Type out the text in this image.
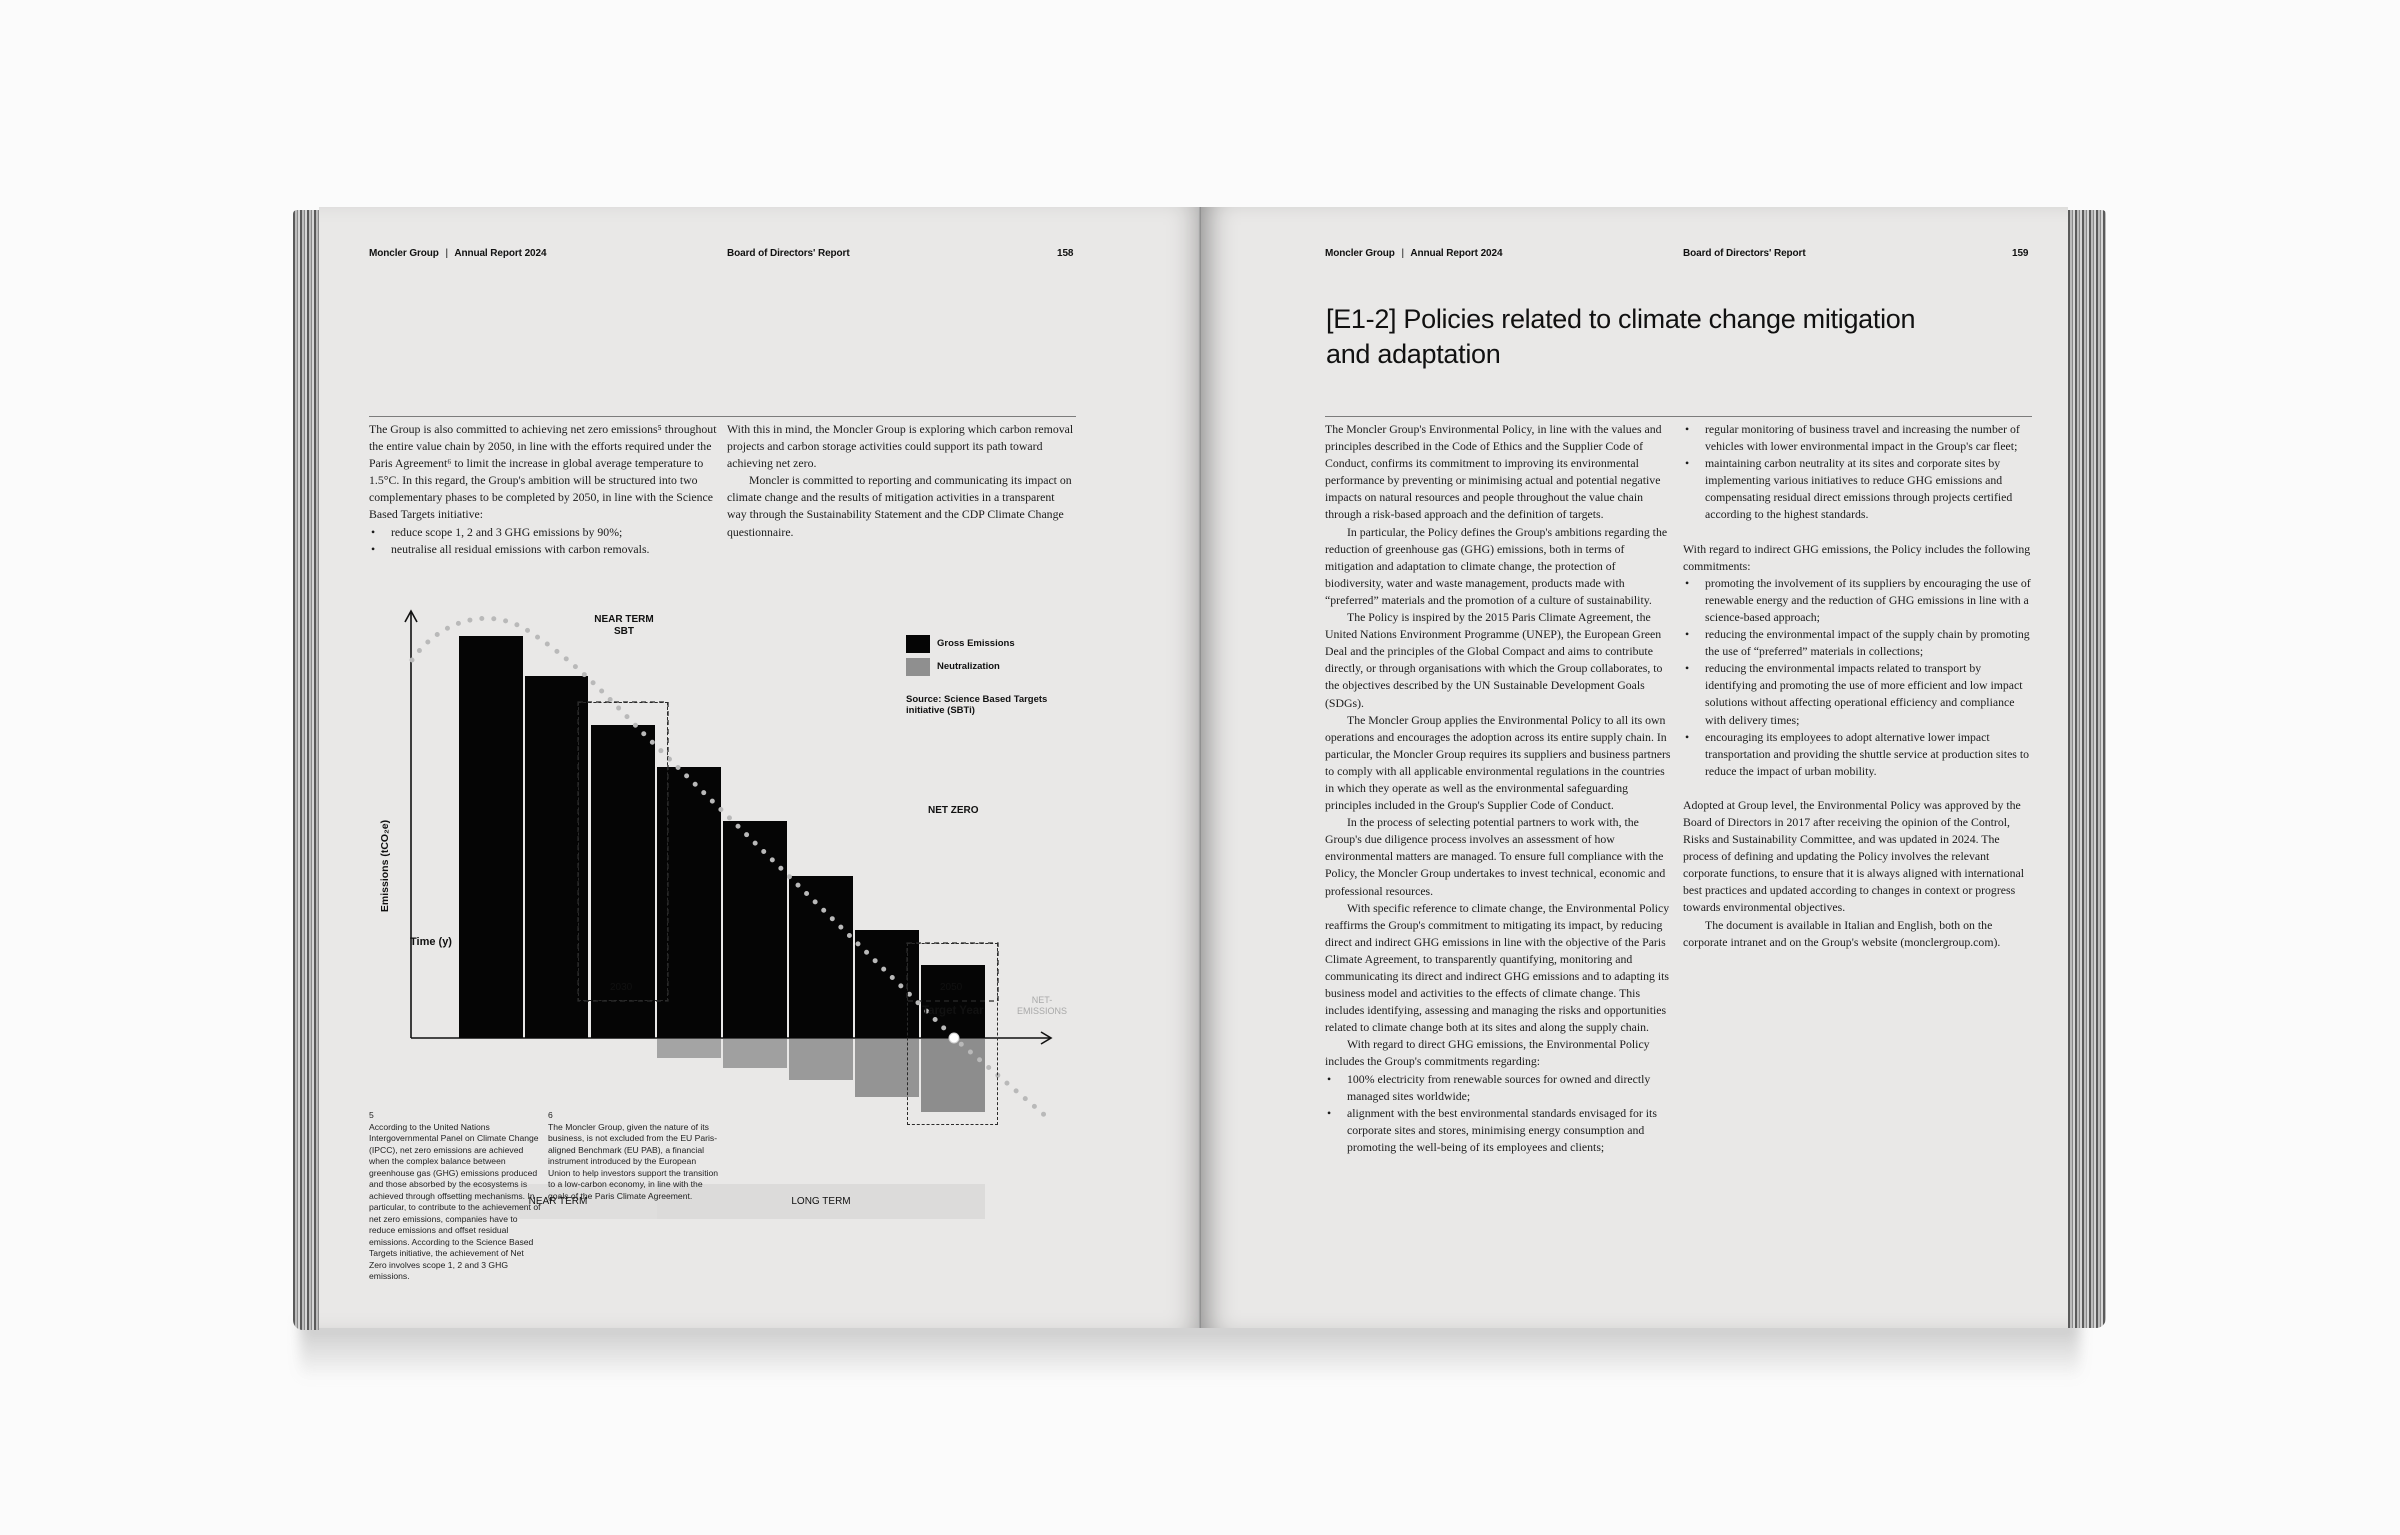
Moncler Group | Annual Report 2024	Board of Directors' Report	158

The Group is also committed to achieving net zero emissions⁵ throughout the entire value chain by 2050, in line with the efforts required under the Paris Agreement⁶ to limit the increase in global average temperature to 1.5°C. In this regard, the Group's ambition will be structured into two complementary phases to be completed by 2050, in line with the Science Based Targets initiative:

• reduce scope 1, 2 and 3 GHG emissions by 90%;
• neutralise all residual emissions with carbon removals.

With this in mind, the Moncler Group is exploring which carbon removal projects and carbon storage activities could support its path toward achieving net zero.

Moncler is committed to reporting and communicating its impact on climate change and the results of mitigation activities in a transparent way through the Sustainability Statement and the CDP Climate Change questionnaire.

NEAR TERM
SBT
NET ZERO
2030	2050
Target Year
NET-
EMISSIONS
Time (y)
Emissions (tCO₂e)
Gross Emissions
Neutralization
Source: Science Based Targets
initiative (SBTi)
NEAR TERM	LONG TERM
5
According to the United Nations Intergovernmental Panel on Climate Change (IPCC), net zero emissions are achieved when the complex balance between greenhouse gas (GHG) emissions produced and those absorbed by the ecosystems is achieved through offsetting mechanisms. In particular, to contribute to the achievement of net zero emissions, companies have to reduce emissions and offset residual emissions. According to the Science Based Targets initiative, the achievement of Net Zero involves scope 1, 2 and 3 GHG emissions.
6
The Moncler Group, given the nature of its business, is not excluded from the EU Paris-aligned Benchmark (EU PAB), a financial instrument introduced by the European Union to help investors support the transition to a low-carbon economy, in line with the goals of the Paris Climate Agreement.
Moncler Group | Annual Report 2024	Board of Directors' Report	159
[E1-2] Policies related to climate change mitigation and adaptation

The Moncler Group's Environmental Policy, in line with the values and principles described in the Code of Ethics and the Supplier Code of Conduct, confirms its commitment to improving its environmental performance by preventing or minimising actual and potential negative impacts on natural resources and people throughout the value chain through a risk-based approach and the definition of targets.

In particular, the Policy defines the Group's ambitions regarding the reduction of greenhouse gas (GHG) emissions, both in terms of mitigation and adaptation to climate change, the protection of biodiversity, water and waste management, products made with “preferred” materials and the promotion of a culture of sustainability.

The Policy is inspired by the 2015 Paris Climate Agreement, the United Nations Environment Programme (UNEP), the European Green Deal and the principles of the Global Compact and aims to contribute directly, or through organisations with which the Group collaborates, to the objectives described by the UN Sustainable Development Goals (SDGs).

The Moncler Group applies the Environmental Policy to all its own operations and encourages the adoption across its entire supply chain. In particular, the Moncler Group requires its suppliers and business partners to comply with all applicable environmental regulations in the countries in which they operate as well as the environmental safeguarding principles included in the Group's Supplier Code of Conduct.

In the process of selecting potential partners to work with, the Group's due diligence process involves an assessment of how environmental matters are managed. To ensure full compliance with the Policy, the Moncler Group undertakes to invest technical, economic and professional resources.

With specific reference to climate change, the Environmental Policy reaffirms the Group's commitment to mitigating its impact, by reducing direct and indirect GHG emissions in line with the objective of the Paris Climate Agreement, to transparently quantifying, monitoring and communicating its direct and indirect GHG emissions and to adapting its business model and activities to the effects of climate change. This includes identifying, assessing and managing the risks and opportunities related to climate change both at its sites and along the supply chain.

With regard to direct GHG emissions, the Environmental Policy includes the Group's commitments regarding:

• 100% electricity from renewable sources for owned and directly managed sites worldwide;
• alignment with the best environmental standards envisaged for its corporate sites and stores, minimising energy consumption and promoting the well-being of its employees and clients;
• regular monitoring of business travel and increasing the number of vehicles with lower environmental impact in the Group's car fleet;
• maintaining carbon neutrality at its sites and corporate sites by implementing various initiatives to reduce GHG emissions and compensating residual direct emissions through projects certified according to the highest standards.

With regard to indirect GHG emissions, the Policy includes the following commitments:

• promoting the involvement of its suppliers by encouraging the use of renewable energy and the reduction of GHG emissions in line with a science-based approach;
• reducing the environmental impact of the supply chain by promoting the use of “preferred” materials in collections;
• reducing the environmental impacts related to transport by identifying and promoting the use of more efficient and low impact solutions without affecting operational efficiency and compliance with delivery times;
• encouraging its employees to adopt alternative lower impact transportation and providing the shuttle service at production sites to reduce the impact of urban mobility.

Adopted at Group level, the Environmental Policy was approved by the Board of Directors in 2017 after receiving the opinion of the Control, Risks and Sustainability Committee, and was updated in 2024. The process of defining and updating the Policy involves the relevant corporate functions, to ensure that it is always aligned with international best practices and updated according to changes in context or progress towards environmental objectives.

The document is available in Italian and English, both on the corporate intranet and on the Group's website (monclergroup.com).
